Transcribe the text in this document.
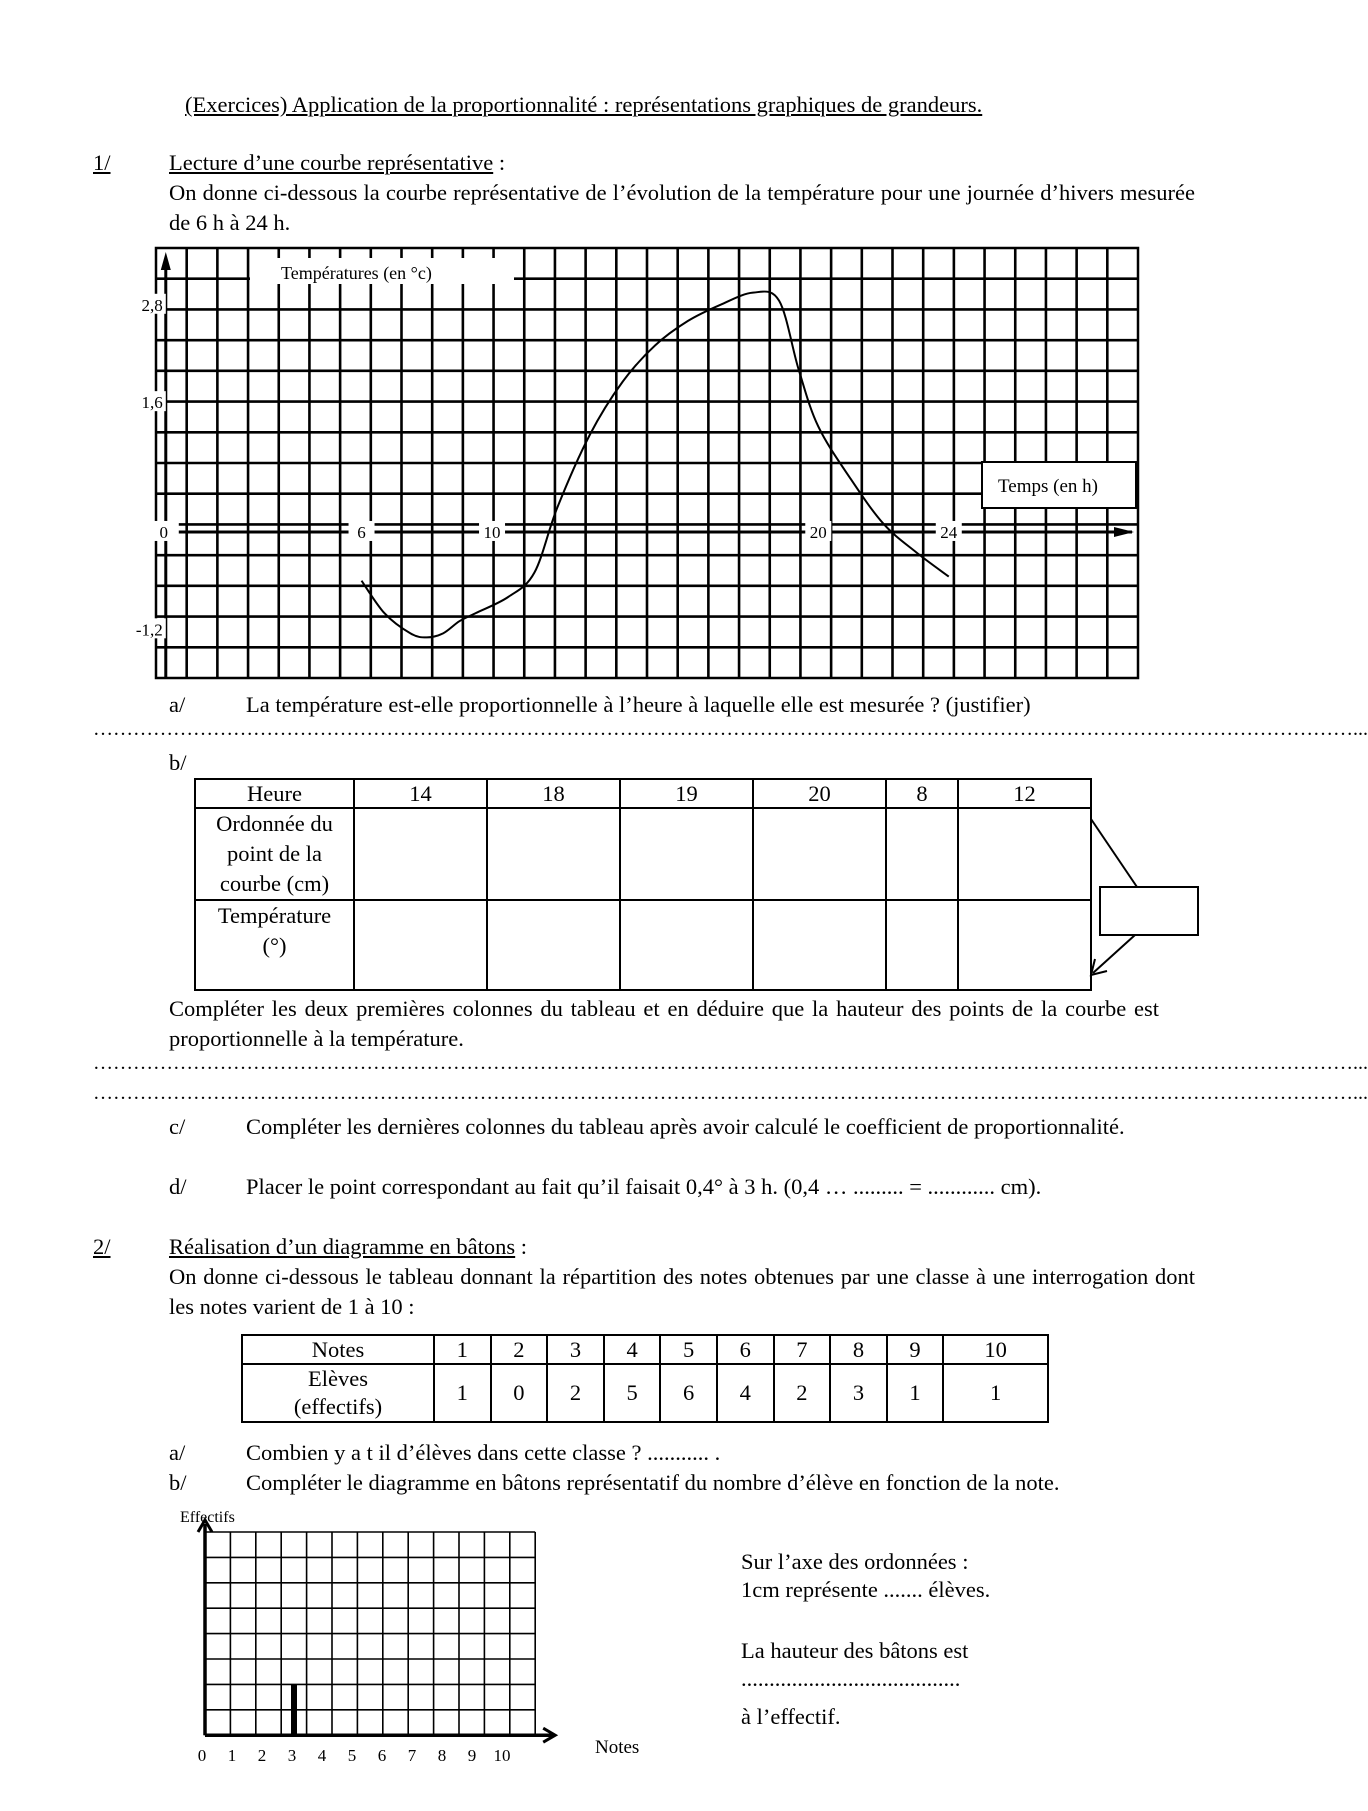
(Exercices) Application de la proportionnalité : représentations graphiques de grandeurs.
1/	Lecture d’une courbe représentative :
On donne ci-dessous la courbe représentative de l’évolution de la température pour une journée d’hivers mesurée de 6 h à 24 h.
0	6	10	20	24
2,8
1,6
-1,2
Températures (en °c)
Temps (en h)
a/	La température est-elle proportionnelle à l’heure à laquelle elle est mesurée ? (justifier)
………………………………………………………………………………………………………………………………………………………………………...
b/
Heure	14	18	19	20	8	12

Ordonnée du
point de la
courbe (cm)						

Température
(°)						

Compléter les deux premières colonnes du tableau et en déduire que la hauteur des points de la courbe est proportionnelle à la température.
………………………………………………………………………………………………………………………………………………………………………...
………………………………………………………………………………………………………………………………………………………………………...
c/	Compléter les dernières colonnes du tableau après avoir calculé le coefficient de proportionnalité.
d/	Placer le point correspondant au fait qu’il faisait 0,4° à 3 h. (0,4 … ......... = ............ cm).
2/	Réalisation d’un diagramme en bâtons :
On donne ci-dessous le tableau donnant la répartition des notes obtenues par une classe à une interrogation dont les notes varient de 1 à 10 :
Notes	1	2	3	4	5	6	7	8	9	10

Elèves
(effectifs)	1	0	2	5	6	4	2	3	1	1
a/	Combien y a t il d’élèves dans cette classe ? ........... .
b/	Compléter le diagramme en bâtons représentatif du nombre d’élève en fonction de la note.
0 1 2 3 4 5 6 7 8 9 10
Effectifs
Notes
Sur l’axe des ordonnées :
1cm représente ....... élèves.
La hauteur des bâtons est
.......................................
à l’effectif.
